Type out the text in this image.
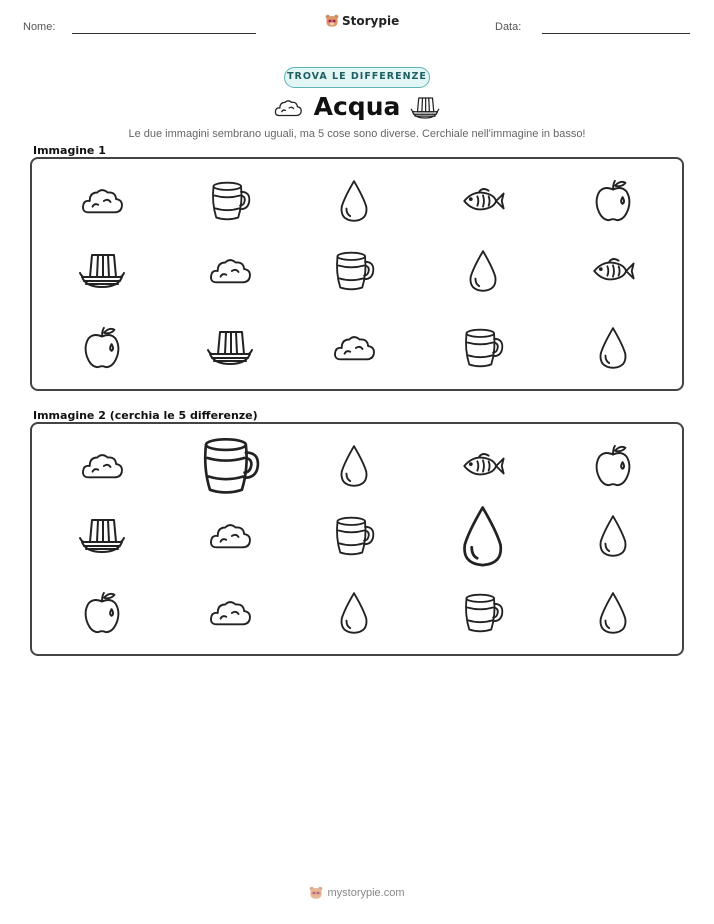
Nome:	Storypie	Data:
TROVA LE DIFFERENZE
Acqua
Le due immagini sembrano uguali, ma 5 cose sono diverse. Cerchiale nell'immagine in basso!
Immagine 1
Immagine 2 (cerchia le 5 differenze)
mystorypie.com
